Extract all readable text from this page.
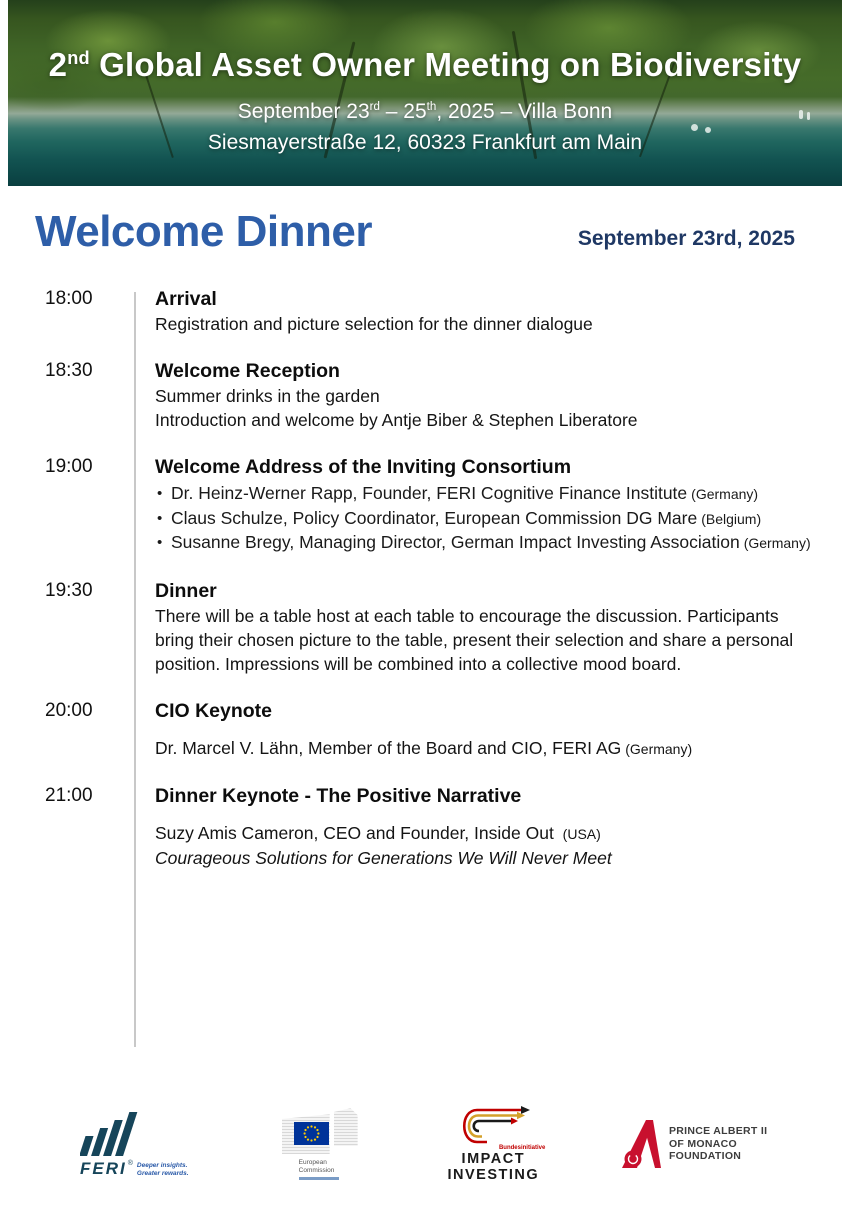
2nd Global Asset Owner Meeting on Biodiversity
September 23rd – 25th, 2025 – Villa Bonn
Siesmayerstraße 12, 60323 Frankfurt am Main
Welcome Dinner	September 23rd, 2025
18:00	Arrival
Registration and picture selection for the dinner dialogue
18:30	Welcome Reception
Summer drinks in the garden
Introduction and welcome by Antje Biber & Stephen Liberatore
19:00	Welcome Address of the Inviting Consortium
• Dr. Heinz-Werner Rapp, Founder, FERI Cognitive Finance Institute (Germany)
• Claus Schulze, Policy Coordinator, European Commission DG Mare (Belgium)
• Susanne Bregy, Managing Director, German Impact Investing Association (Germany)
19:30	Dinner
There will be a table host at each table to encourage the discussion. Participants bring their chosen picture to the table, present their selection and share a personal position. Impressions will be combined into a collective mood board.
20:00	CIO Keynote
Dr. Marcel V. Lähn, Member of the Board and CIO, FERI AG (Germany)
21:00	Dinner Keynote - The Positive Narrative
Suzy Amis Cameron, CEO and Founder, Inside Out (USA)
Courageous Solutions for Generations We Will Never Meet
FERI ® Deeper insights.
Greater rewards.
European
Commission
Bundesinitiative
IMPACT
INVESTING
PRINCE ALBERT II
OF MONACO
FOUNDATION
